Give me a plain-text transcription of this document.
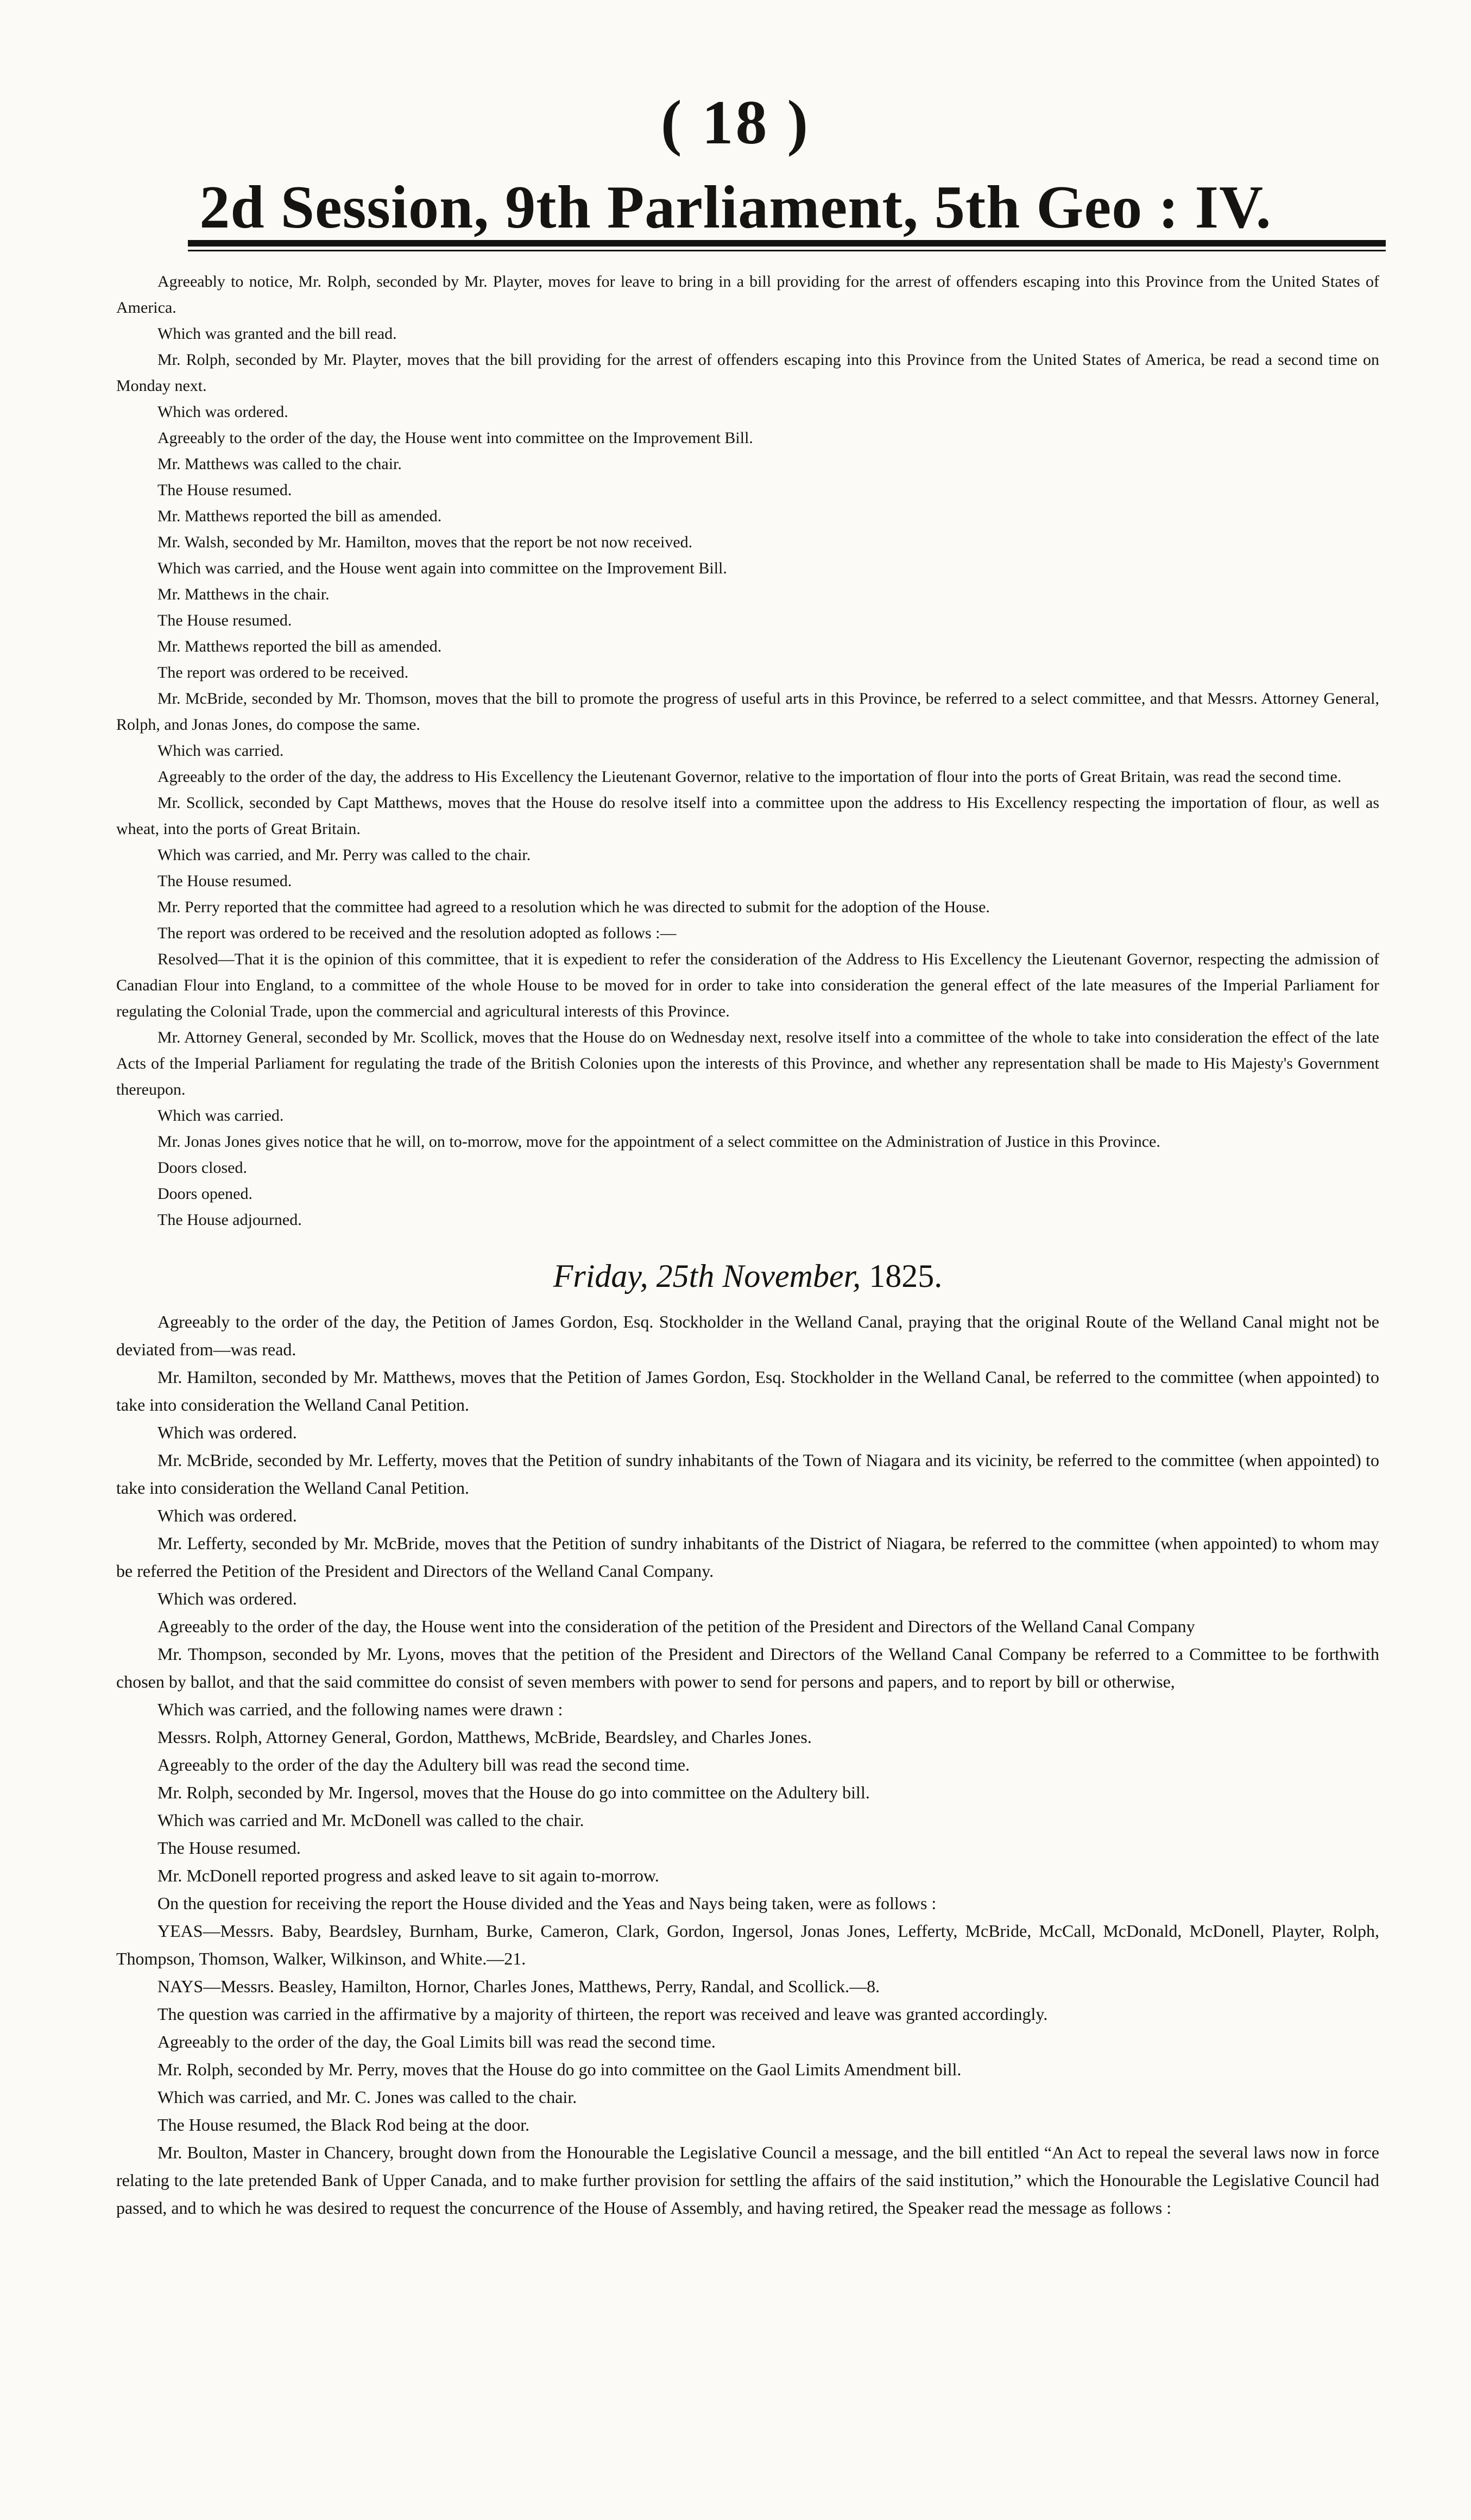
( 18 )
2d Session, 9th Parliament, 5th Geo : IV.

Agreeably to notice, Mr. Rolph, seconded by Mr. Playter, moves for leave to bring in a bill providing for the arrest of offenders escaping into this Province from the United States of America.

Which was granted and the bill read.

Mr. Rolph, seconded by Mr. Playter, moves that the bill providing for the arrest of offenders escaping into this Province from the United States of America, be read a second time on Monday next.

Which was ordered.

Agreeably to the order of the day, the House went into committee on the Improvement Bill.

Mr. Matthews was called to the chair.

The House resumed.

Mr. Matthews reported the bill as amended.

Mr. Walsh, seconded by Mr. Hamilton, moves that the report be not now received.

Which was carried, and the House went again into committee on the Improvement Bill.

Mr. Matthews in the chair.

The House resumed.

Mr. Matthews reported the bill as amended.

The report was ordered to be received.

Mr. McBride, seconded by Mr. Thomson, moves that the bill to promote the progress of useful arts in this Province, be referred to a select committee, and that Messrs. Attorney General, Rolph, and Jonas Jones, do compose the same.

Which was carried.

Agreeably to the order of the day, the address to His Excellency the Lieutenant Governor, relative to the importation of flour into the ports of Great Britain, was read the second time.

Mr. Scollick, seconded by Capt Matthews, moves that the House do resolve itself into a committee upon the address to His Excellency respecting the importation of flour, as well as wheat, into the ports of Great Britain.

Which was carried, and Mr. Perry was called to the chair.

The House resumed.

Mr. Perry reported that the committee had agreed to a resolution which he was directed to submit for the adoption of the House.

The report was ordered to be received and the resolution adopted as follows :—

Resolved—That it is the opinion of this committee, that it is expedient to refer the consideration of the Address to His Excellency the Lieutenant Governor, respecting the admission of Canadian Flour into England, to a committee of the whole House to be moved for in order to take into consideration the general effect of the late measures of the Imperial Parliament for regulating the Colonial Trade, upon the commercial and agricultural interests of this Province.

Mr. Attorney General, seconded by Mr. Scollick, moves that the House do on Wednesday next, resolve itself into a committee of the whole to take into consideration the effect of the late Acts of the Imperial Parliament for regulating the trade of the British Colonies upon the interests of this Province, and whether any representation shall be made to His Majesty's Government thereupon.

Which was carried.

Mr. Jonas Jones gives notice that he will, on to-morrow, move for the appointment of a select committee on the Administration of Justice in this Province.

Doors closed.

Doors opened.

The House adjourned.

Friday, 25th November, 1825.

Agreeably to the order of the day, the Petition of James Gordon, Esq. Stockholder in the Welland Canal, praying that the original Route of the Welland Canal might not be deviated from—was read.

Mr. Hamilton, seconded by Mr. Matthews, moves that the Petition of James Gordon, Esq. Stockholder in the Welland Canal, be referred to the committee (when appointed) to take into consideration the Welland Canal Petition.

Which was ordered.

Mr. McBride, seconded by Mr. Lefferty, moves that the Petition of sundry inhabitants of the Town of Niagara and its vicinity, be referred to the committee (when appointed) to take into consideration the Welland Canal Petition.

Which was ordered.

Mr. Lefferty, seconded by Mr. McBride, moves that the Petition of sundry inhabitants of the District of Niagara, be referred to the committee (when appointed) to whom may be referred the Petition of the President and Directors of the Welland Canal Company.

Which was ordered.

Agreeably to the order of the day, the House went into the consideration of the petition of the President and Directors of the Welland Canal Company

Mr. Thompson, seconded by Mr. Lyons, moves that the petition of the President and Directors of the Welland Canal Company be referred to a Committee to be forthwith chosen by ballot, and that the said committee do consist of seven members with power to send for persons and papers, and to report by bill or otherwise,

Which was carried, and the following names were drawn :

Messrs. Rolph, Attorney General, Gordon, Matthews, McBride, Beardsley, and Charles Jones.

Agreeably to the order of the day the Adultery bill was read the second time.

Mr. Rolph, seconded by Mr. Ingersol, moves that the House do go into committee on the Adultery bill.

Which was carried and Mr. McDonell was called to the chair.

The House resumed.

Mr. McDonell reported progress and asked leave to sit again to-morrow.

On the question for receiving the report the House divided and the Yeas and Nays being taken, were as follows :

YEAS—Messrs. Baby, Beardsley, Burnham, Burke, Cameron, Clark, Gordon, Ingersol, Jonas Jones, Lefferty, McBride, McCall, McDonald, McDonell, Playter, Rolph, Thompson, Thomson, Walker, Wilkinson, and White.—21.

NAYS—Messrs. Beasley, Hamilton, Hornor, Charles Jones, Matthews, Perry, Randal, and Scollick.—8.

The question was carried in the affirmative by a majority of thirteen, the report was received and leave was granted accordingly.

Agreeably to the order of the day, the Goal Limits bill was read the second time.

Mr. Rolph, seconded by Mr. Perry, moves that the House do go into committee on the Gaol Limits Amendment bill.

Which was carried, and Mr. C. Jones was called to the chair.

The House resumed, the Black Rod being at the door.

Mr. Boulton, Master in Chancery, brought down from the Honourable the Legislative Council a message, and the bill entitled “An Act to repeal the several laws now in force relating to the late pretended Bank of Upper Canada, and to make further provision for settling the affairs of the said institution,” which the Honourable the Legislative Council had passed, and to which he was desired to request the concurrence of the House of Assembly, and having retired, the Speaker read the message as follows :
